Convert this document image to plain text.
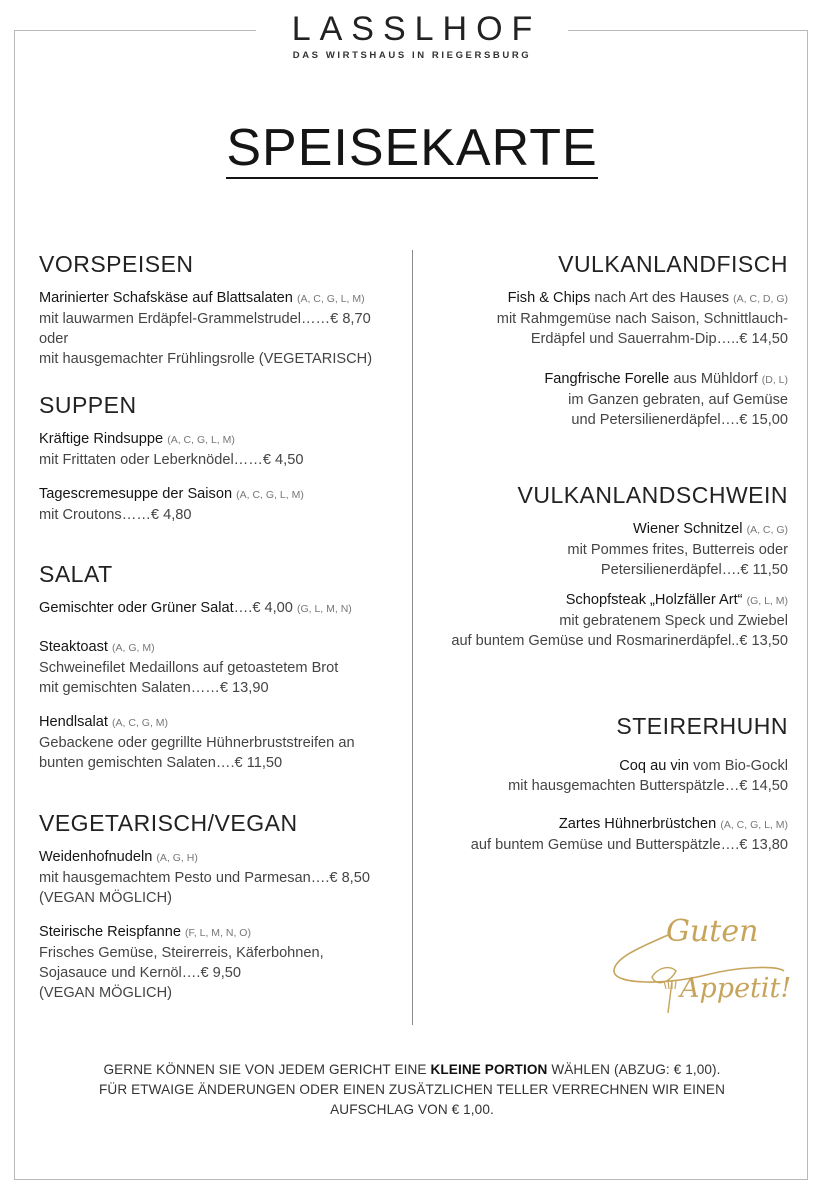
LASSLHOF
DAS WIRTSHAUS IN RIEGERSBURG
SPEISEKARTE
VORSPEISEN
Marinierter Schafskäse auf Blattsalaten (A, C, G, L, M)
mit lauwarmen Erdäpfel-Grammelstrudel……€ 8,70
oder
mit hausgemachter Frühlingsrolle (VEGETARISCH)
SUPPEN
Kräftige Rindsuppe (A, C, G, L, M)
mit Frittaten oder Leberknödel……€ 4,50
Tagescremesuppe der Saison (A, C, G, L, M)
mit Croutons……€ 4,80
SALAT
Gemischter oder Grüner Salat….€ 4,00 (G, L, M, N)
Steaktoast (A, G, M)
Schweinefilet Medaillons auf getoastetem Brot
mit gemischten Salaten……€ 13,90
Hendlsalat (A, C, G, M)
Gebackene oder gegrillte Hühnerbruststreifen an
bunten gemischten Salaten….€ 11,50
VEGETARISCH/VEGAN
Weidenhofnudeln (A, G, H)
mit hausgemachtem Pesto und Parmesan….€ 8,50
(VEGAN MÖGLICH)
Steirische Reispfanne (F, L, M, N, O)
Frisches Gemüse, Steirerreis, Käferbohnen,
Sojasauce und Kernöl….€ 9,50
(VEGAN MÖGLICH)
VULKANLANDFISCH
Fish & Chips nach Art des Hauses (A, C, D, G)
mit Rahmgemüse nach Saison, Schnittlauch-
Erdäpfel und Sauerrahm-Dip…..€ 14,50
Fangfrische Forelle aus Mühldorf (D, L)
im Ganzen gebraten, auf Gemüse
und Petersilienerdäpfel….€ 15,00
VULKANLANDSCHWEIN
Wiener Schnitzel (A, C, G)
mit Pommes frites, Butterreis oder
Petersilienerdäpfel….€ 11,50
Schopfsteak „Holzfäller Art“ (G, L, M)
mit gebratenem Speck und Zwiebel
auf buntem Gemüse und Rosmarinerdäpfel..€ 13,50
STEIRERHUHN
Coq au vin vom Bio-Gockl
mit hausgemachten Butterspätzle…€ 14,50
Zartes Hühnerbrüstchen (A, C, G, L, M)
auf buntem Gemüse und Butterspätzle….€ 13,80
Guten
Appetit!
GERNE KÖNNEN SIE VON JEDEM GERICHT EINE KLEINE PORTION WÄHLEN (ABZUG: € 1,00).
FÜR ETWAIGE ÄNDERUNGEN ODER EINEN ZUSÄTZLICHEN TELLER VERRECHNEN WIR EINEN
AUFSCHLAG VON € 1,00.
